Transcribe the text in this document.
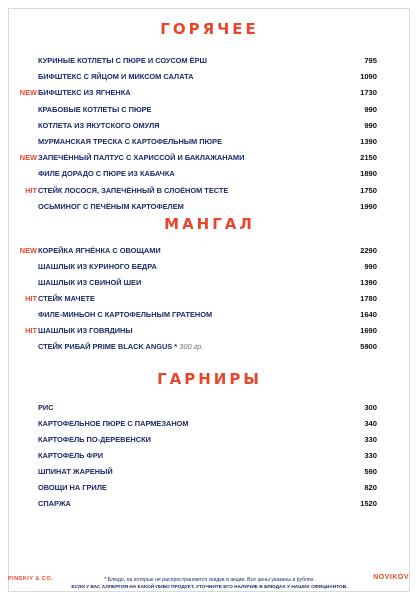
ГОРЯЧЕЕ
КУРИНЫЕ КОТЛЕТЫ С ПЮРЕ И СОУСОМ ЁРШ	795
БИФШТЕКС С ЯЙЦОМ И МИКСОМ САЛАТА	1090
NEW БИФШТЕКС ИЗ ЯГНЕНКА	1730
КРАБОВЫЕ КОТЛЕТЫ С ПЮРЕ	990
КОТЛЕТА ИЗ ЯКУТСКОГО ОМУЛЯ	990
МУРМАНСКАЯ ТРЕСКА С КАРТОФЕЛЬНЫМ ПЮРЕ	1390
NEW ЗАПЕЧЁННЫЙ ПАЛТУС С ХАРИССОЙ И БАКЛАЖАНАМИ	2150
ФИЛЕ ДОРАДО С ПЮРЕ ИЗ КАБАЧКА	1890
HIT СТЕЙК ЛОСОСЯ, ЗАПЕЧЁННЫЙ В СЛОЁНОМ ТЕСТЕ	1750
ОСЬМИНОГ С ПЕЧЁНЫМ КАРТОФЕЛЕМ	1990
МАНГАЛ
NEW КОРЕЙКА ЯГНЁНКА С ОВОЩАМИ	2290
ШАШЛЫК ИЗ КУРИНОГО БЕДРА	990
ШАШЛЫК ИЗ СВИНОЙ ШЕИ	1390
HIT СТЕЙК МАЧЕТЕ	1780
ФИЛЕ-МИНЬОН С КАРТОФЕЛЬНЫМ ГРАТЕНОМ	1640
HIT ШАШЛЫК ИЗ ГОВЯДИНЫ	1690
СТЕЙК РИБАЙ PRIME BLACK ANGUS * 300 гр.	5900
ГАРНИРЫ
РИС	300
КАРТОФЕЛЬНОЕ ПЮРЕ С ПАРМЕЗАНОМ	340
КАРТОФЕЛЬ ПО-ДЕРЕВЕНСКИ	330
КАРТОФЕЛЬ ФРИ	330
ШПИНАТ ЖАРЕНЫЙ	590
ОВОЩИ НА ГРИЛЕ	820
СПАРЖА	1520
PINSKIY & CO.	NOVIKOV
* Блюдо, на которые не распространяются скидки и акции. Все цены указаны в рублях.
ЕСЛИ У ВАС АЛЛЕРГИЯ НА КАКОЙ-ЛИБО ПРОДУКТ, УТОЧНИТЕ ЕГО НАЛИЧИЕ В БЛЮДАХ У НАШИХ ОФИЦИАНТОВ.
